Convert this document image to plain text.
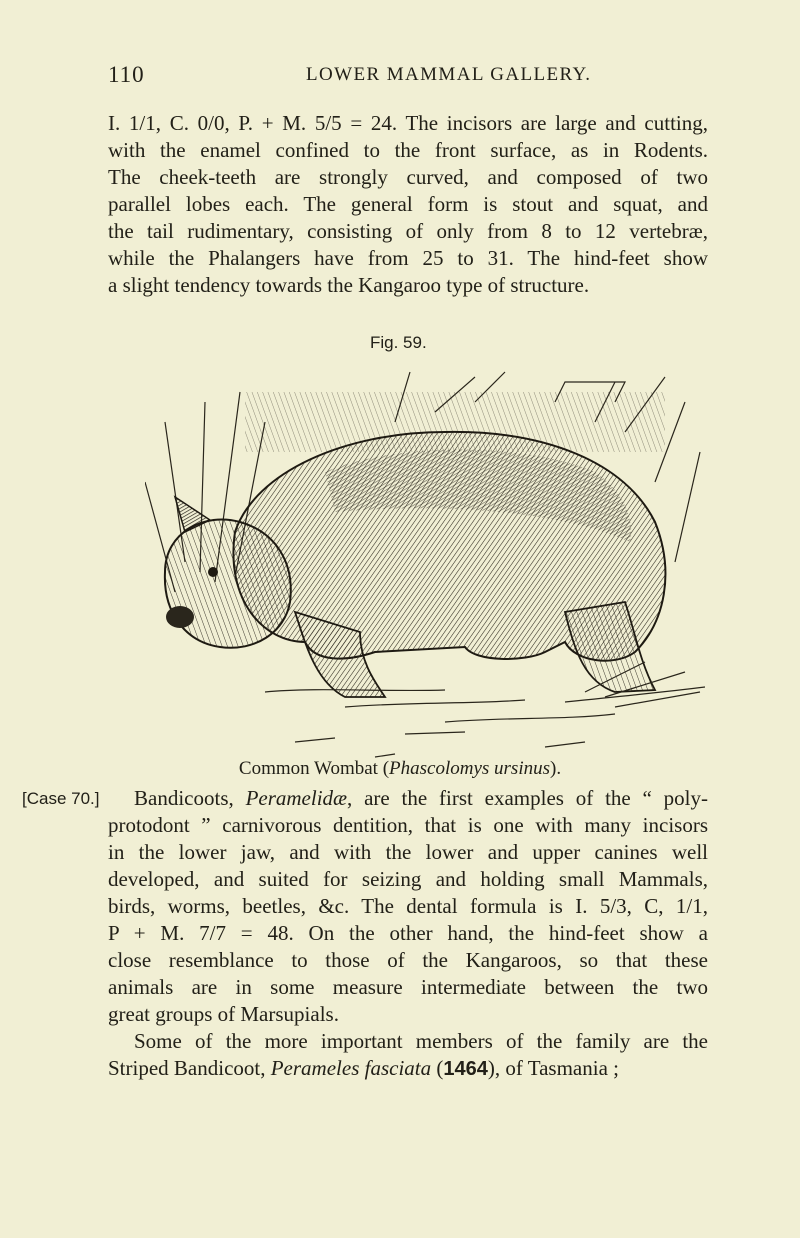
110	LOWER MAMMAL GALLERY.
I. 1/1, C. 0/0, P. + M. 5/5 = 24. The incisors are large and cutting,
with the enamel confined to the front surface, as in Rodents.
The cheek-teeth are strongly curved, and composed of two
parallel lobes each. The general form is stout and squat, and
the tail rudimentary, consisting of only from 8 to 12 vertebræ,
while the Phalangers have from 25 to 31. The hind-feet show
a slight tendency towards the Kangaroo type of structure.
Fig. 59.
Common Wombat (Phascolomys ursinus).
[Case 70.]	Bandicoots, Peramelidæ, are the first examples of the “ poly-
protodont ” carnivorous dentition, that is one with many incisors
in the lower jaw, and with the lower and upper canines well
developed, and suited for seizing and holding small Mammals,
birds, worms, beetles, &c. The dental formula is I. 5/3, C, 1/1,
P + M. 7/7 = 48. On the other hand, the hind-feet show a
close resemblance to those of the Kangaroos, so that these
animals are in some measure intermediate between the two
great groups of Marsupials.
Some of the more important members of the family are the
Striped Bandicoot, Perameles fasciata (1464), of Tasmania ;
